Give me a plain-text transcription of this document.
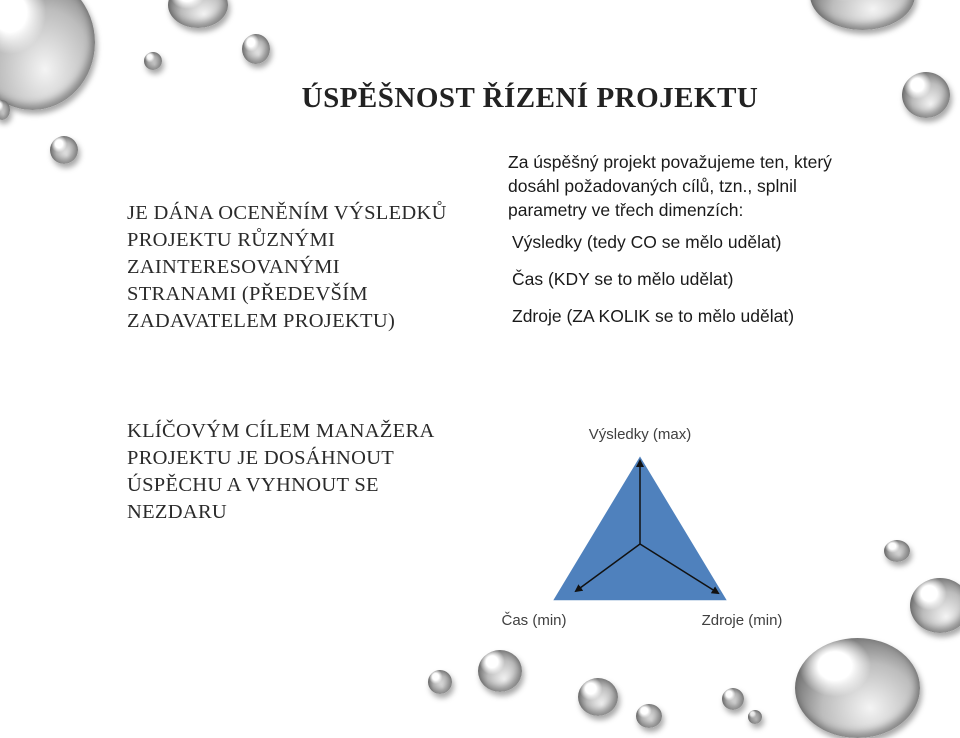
ÚSPĚŠNOST ŘÍZENÍ PROJEKTU
JE DÁNA OCENĚNÍM VÝSLEDKŮ PROJEKTU RŮZNÝMI ZAINTERESOVANÝMI STRANAMI (PŘEDEVŠÍM ZADAVATELEM PROJEKTU)
KLÍČOVÝM CÍLEM MANAŽERA PROJEKTU JE DOSÁHNOUT ÚSPĚCHU A VYHNOUT SE NEZDARU

Za úspěšný projekt považujeme ten, který dosáhl požadovaných cílů, tzn., splnil parametry ve třech dimenzích:

Výsledky (tedy CO se mělo udělat)

Čas (KDY se to mělo udělat)

Zdroje (ZA KOLIK se to mělo udělat)

Výsledky (max)
Čas (min)	Zdroje (min)
